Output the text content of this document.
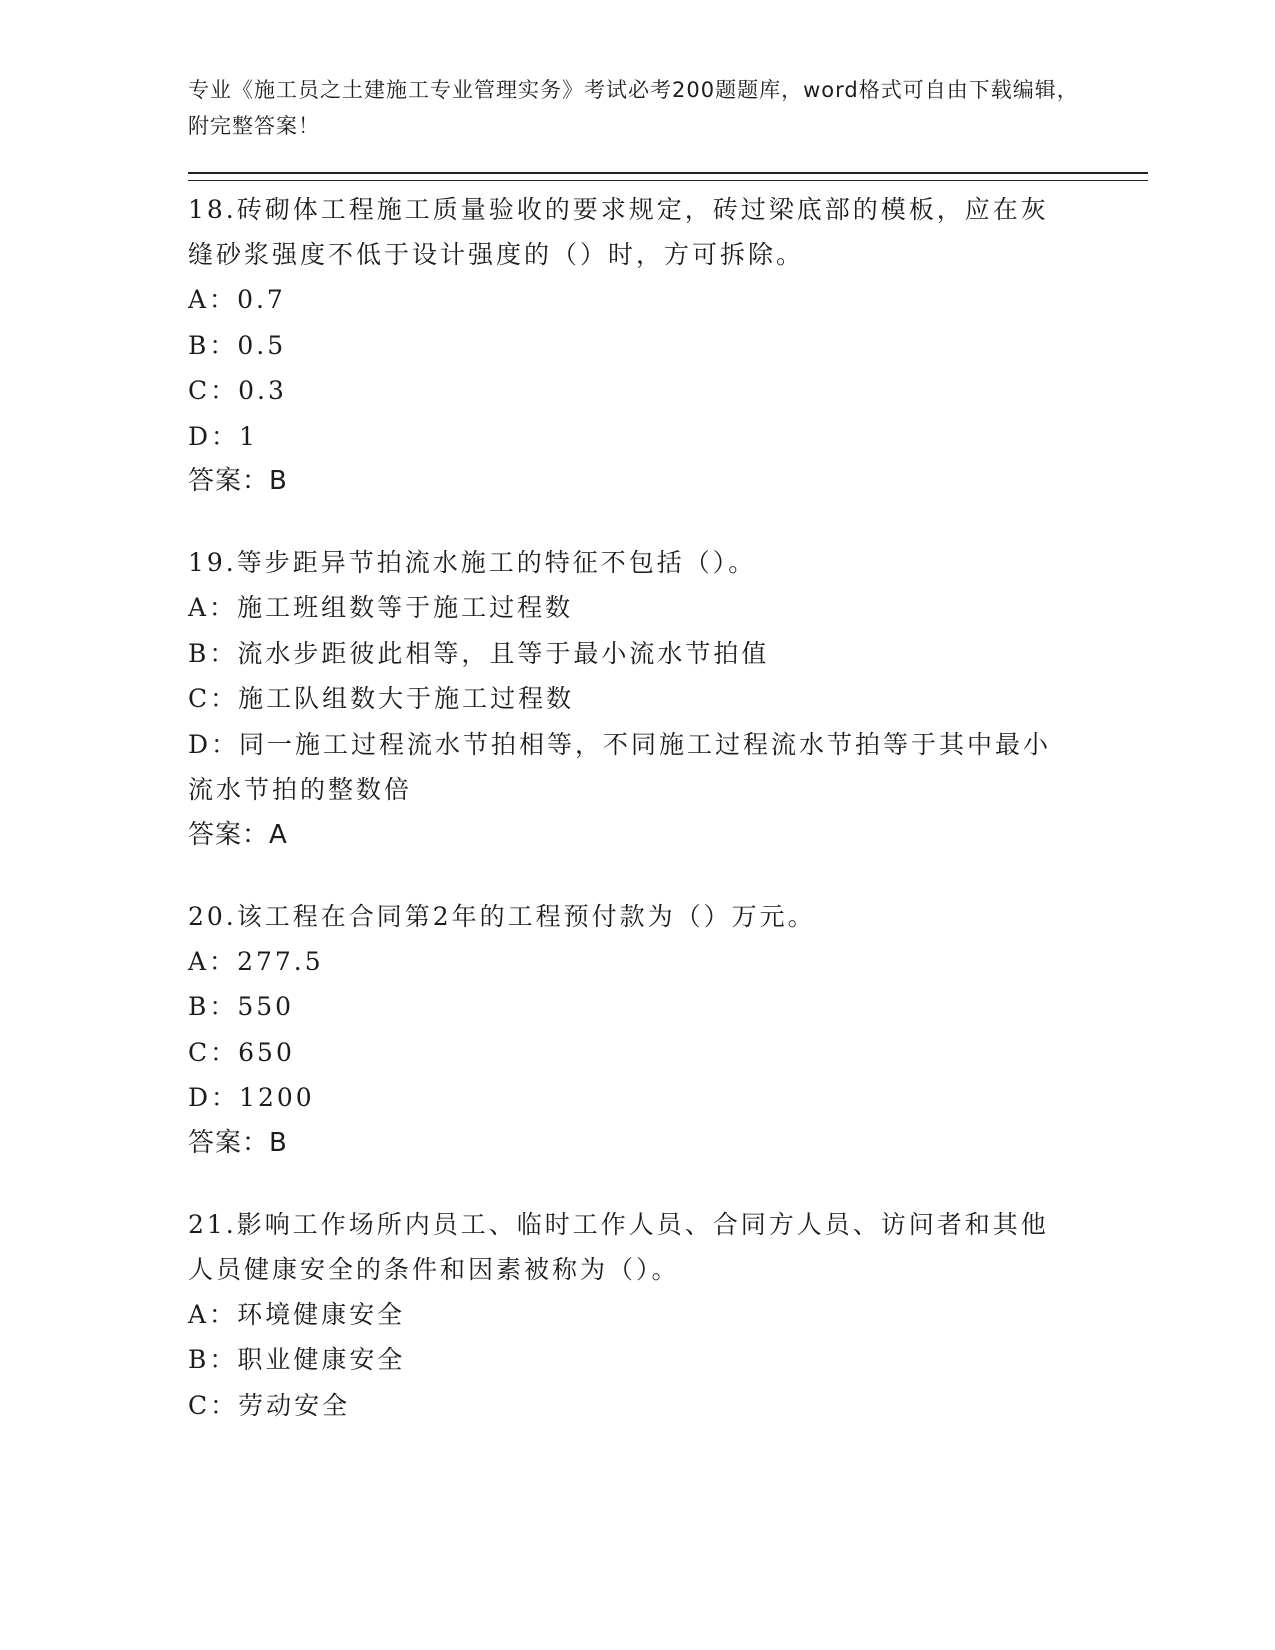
专业《施工员之土建施工专业管理实务》考试必考200题题库，word格式可自由下载编辑，附完整答案！
18.砖砌体工程施工质量验收的要求规定，砖过梁底部的模板，应在灰缝砂浆强度不低于设计强度的（）时，方可拆除。
A：0.7
B：0.5
C：0.3
D：1
答案：B
19.等步距异节拍流水施工的特征不包括（）。
A：施工班组数等于施工过程数
B：流水步距彼此相等，且等于最小流水节拍值
C：施工队组数大于施工过程数
D：同一施工过程流水节拍相等，不同施工过程流水节拍等于其中最小流水节拍的整数倍
答案：A
20.该工程在合同第2年的工程预付款为（）万元。
A：277.5
B：550
C：650
D：1200
答案：B
21.影响工作场所内员工、临时工作人员、合同方人员、访问者和其他人员健康安全的条件和因素被称为（）。
A：环境健康安全
B：职业健康安全
C：劳动安全
